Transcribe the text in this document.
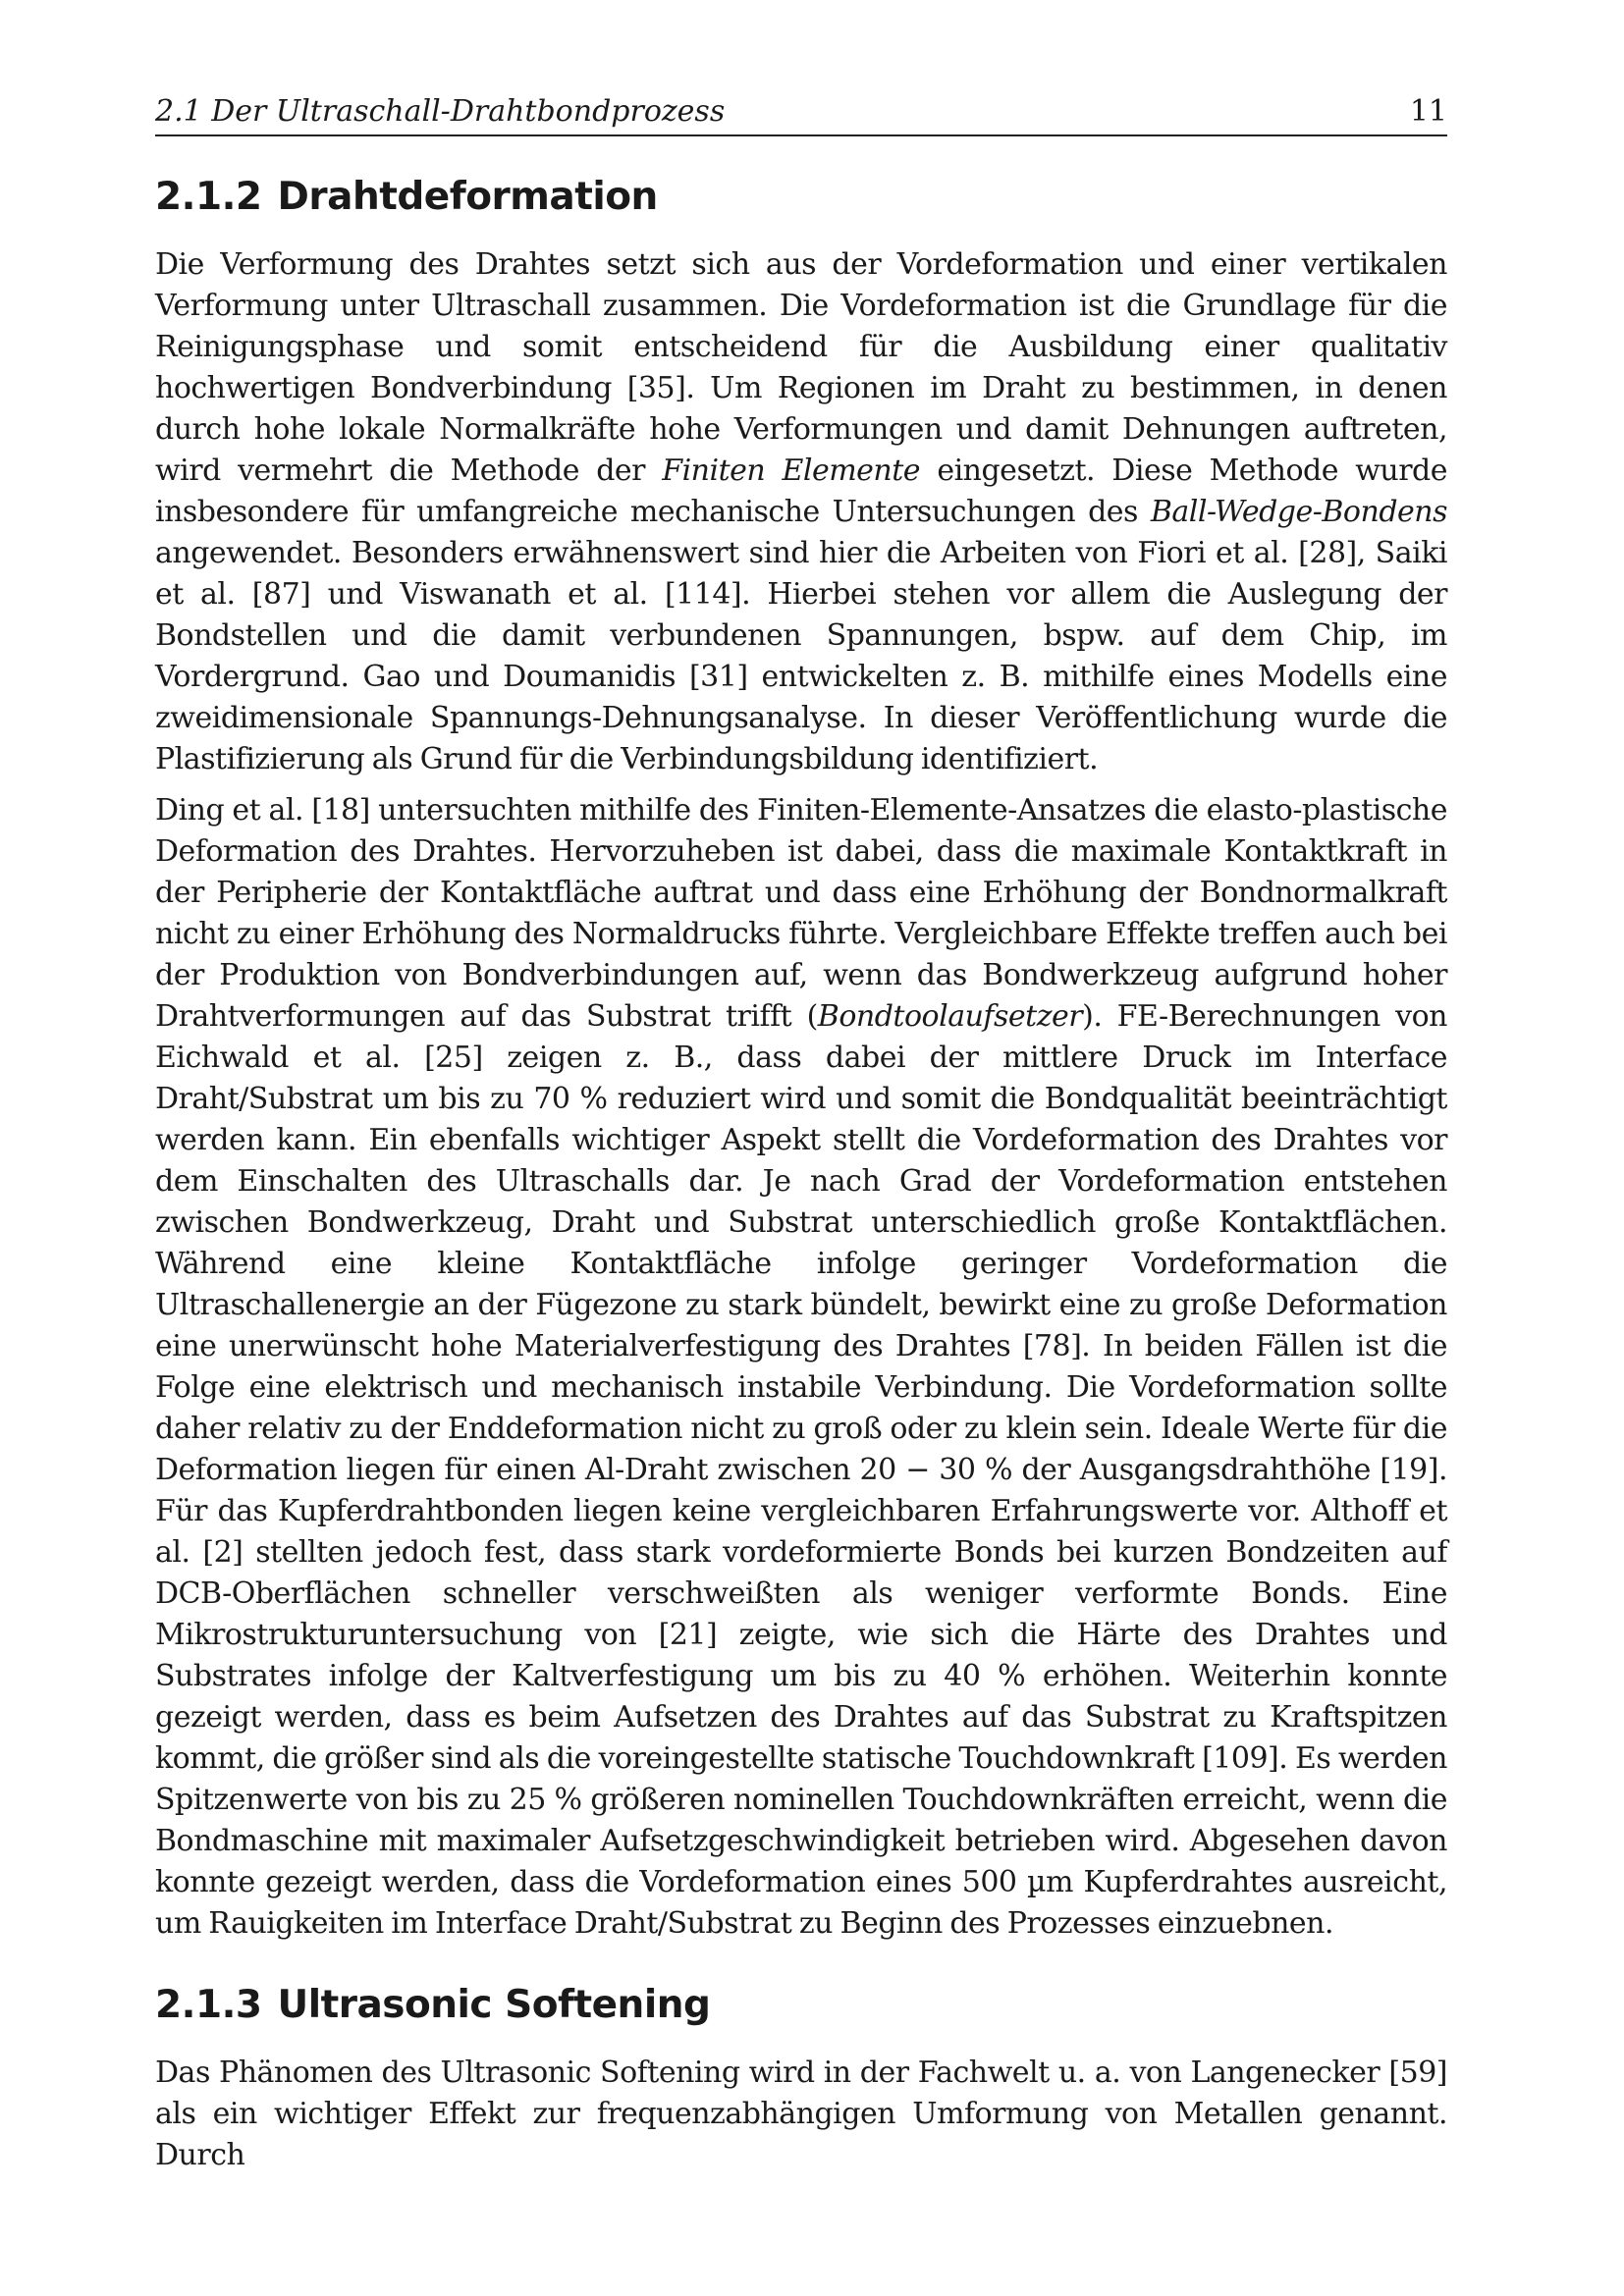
2.1 Der Ultraschall-Drahtbondprozess	11
2.1.2 Drahtdeformation

Die Verformung des Drahtes setzt sich aus der Vordeformation und einer vertikalen Verformung unter Ultraschall zusammen. Die Vordeformation ist die Grundlage für die Reinigungsphase und somit entscheidend für die Ausbildung einer qualitativ hochwertigen Bondverbindung [35]. Um Regionen im Draht zu bestimmen, in denen durch hohe lokale Normalkräfte hohe Verformungen und damit Dehnungen auftreten, wird vermehrt die Methode der Finiten Elemente eingesetzt. Diese Methode wurde insbesondere für umfangreiche mechanische Untersuchungen des Ball-Wedge-Bondens angewendet. Besonders erwähnenswert sind hier die Arbeiten von Fiori et al. [28], Saiki et al. [87] und Viswanath et al. [114]. Hierbei stehen vor allem die Auslegung der Bondstellen und die damit verbundenen Spannungen, bspw. auf dem Chip, im Vordergrund. Gao und Doumanidis [31] entwickelten z. B. mithilfe eines Modells eine zweidimensionale Spannungs-Dehnungsanalyse. In dieser Veröffentlichung wurde die Plastifizierung als Grund für die Verbindungsbildung identifiziert.

Ding et al. [18] untersuchten mithilfe des Finiten-Elemente-Ansatzes die elasto-plastische Deformation des Drahtes. Hervorzuheben ist dabei, dass die maximale Kontaktkraft in der Peripherie der Kontaktfläche auftrat und dass eine Erhöhung der Bondnormalkraft nicht zu einer Erhöhung des Normaldrucks führte. Vergleichbare Effekte treffen auch bei der Produktion von Bondverbindungen auf, wenn das Bondwerkzeug aufgrund hoher Drahtverformungen auf das Substrat trifft (Bondtoolaufsetzer). FE-Berechnungen von Eichwald et al. [25] zeigen z. B., dass dabei der mittlere Druck im Interface Draht/Substrat um bis zu 70 % reduziert wird und somit die Bondqualität beeinträchtigt werden kann. Ein ebenfalls wichtiger Aspekt stellt die Vordeformation des Drahtes vor dem Einschalten des Ultraschalls dar. Je nach Grad der Vordeformation entstehen zwischen Bondwerkzeug, Draht und Substrat unterschiedlich große Kontaktflächen. Während eine kleine Kontaktfläche infolge geringer Vordeformation die Ultraschallenergie an der Fügezone zu stark bündelt, bewirkt eine zu große Deformation eine unerwünscht hohe Materialverfestigung des Drahtes [78]. In beiden Fällen ist die Folge eine elektrisch und mechanisch instabile Verbindung. Die Vordeformation sollte daher relativ zu der Enddeformation nicht zu groß oder zu klein sein. Ideale Werte für die Deformation liegen für einen Al-Draht zwischen 20 − 30 % der Ausgangsdrahthöhe [19]. Für das Kupferdrahtbonden liegen keine vergleichbaren Erfahrungswerte vor. Althoff et al. [2] stellten jedoch fest, dass stark vordeformierte Bonds bei kurzen Bondzeiten auf DCB-Oberflächen schneller verschweißten als weniger verformte Bonds. Eine Mikrostrukturuntersuchung von [21] zeigte, wie sich die Härte des Drahtes und Substrates infolge der Kaltverfestigung um bis zu 40 % erhöhen. Weiterhin konnte gezeigt werden, dass es beim Aufsetzen des Drahtes auf das Substrat zu Kraftspitzen kommt, die größer sind als die voreingestellte statische Touchdownkraft [109]. Es werden Spitzenwerte von bis zu 25 % größeren nominellen Touchdownkräften erreicht, wenn die Bondmaschine mit maximaler Aufsetzgeschwindigkeit betrieben wird. Abgesehen davon konnte gezeigt werden, dass die Vordeformation eines 500 µm Kupferdrahtes ausreicht, um Rauigkeiten im Interface Draht/Substrat zu Beginn des Prozesses einzuebnen.

2.1.3 Ultrasonic Softening

Das Phänomen des Ultrasonic Softening wird in der Fachwelt u. a. von Langenecker [59] als ein wichtiger Effekt zur frequenzabhängigen Umformung von Metallen genannt. Durch
